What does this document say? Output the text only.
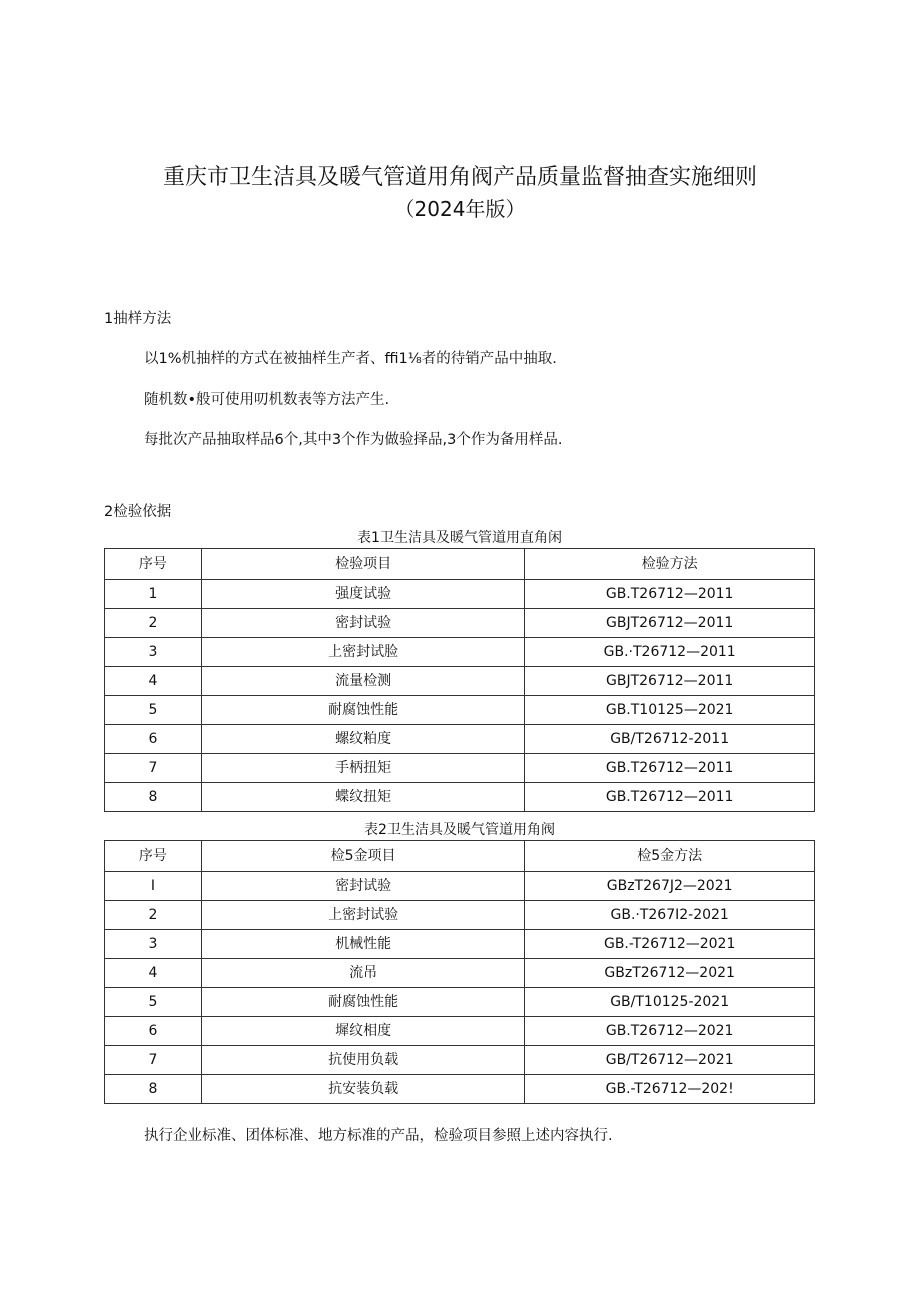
重庆市卫生洁具及暖气管道用角阀产品质量监督抽查实施细则
（2024年版）
1抽样方法
以1%机抽样的方式在被抽样生产者、ffi1⅛者的待销产品中抽取.
随机数•般可使用叨机数表等方法产生.
每批次产品抽取样品6个,其中3个作为做验择品,3个作为备用样品.
2检验依据
表1卫生洁具及暖气管道用直角闲
序号	检验项目	检验方法
1	强度试验	GB.T26712—2011
2	密封试验	GBJT26712—2011
3	上密封试脸	GB.·T26712—2011
4	流量检测	GBJT26712—2011
5	耐腐蚀性能	GB.T10125—2021
6	螺纹粕度	GB/T26712-2011
7	手柄扭矩	GB.T26712—2011
8	蝶纹扭矩	GB.T26712—2011
表2卫生洁具及暖气管道用角阀
序号	检5金项目	检5金方法
I	密封试验	GBzT267J2—2021
2	上密封试验	GB.·T267I2-2021
3	机械性能	GB.-T26712—2021
4	流吊	GBzT26712—2021
5	耐腐蚀性能	GB/T10125-2021
6	墀纹相度	GB.T26712—2021
7	抗使用负载	GB/T26712—2021
8	抗安装负载	GB.-T26712—202!
执行企业标准、团体标准、地方标准的产品，检验项目参照上述内容执行.
